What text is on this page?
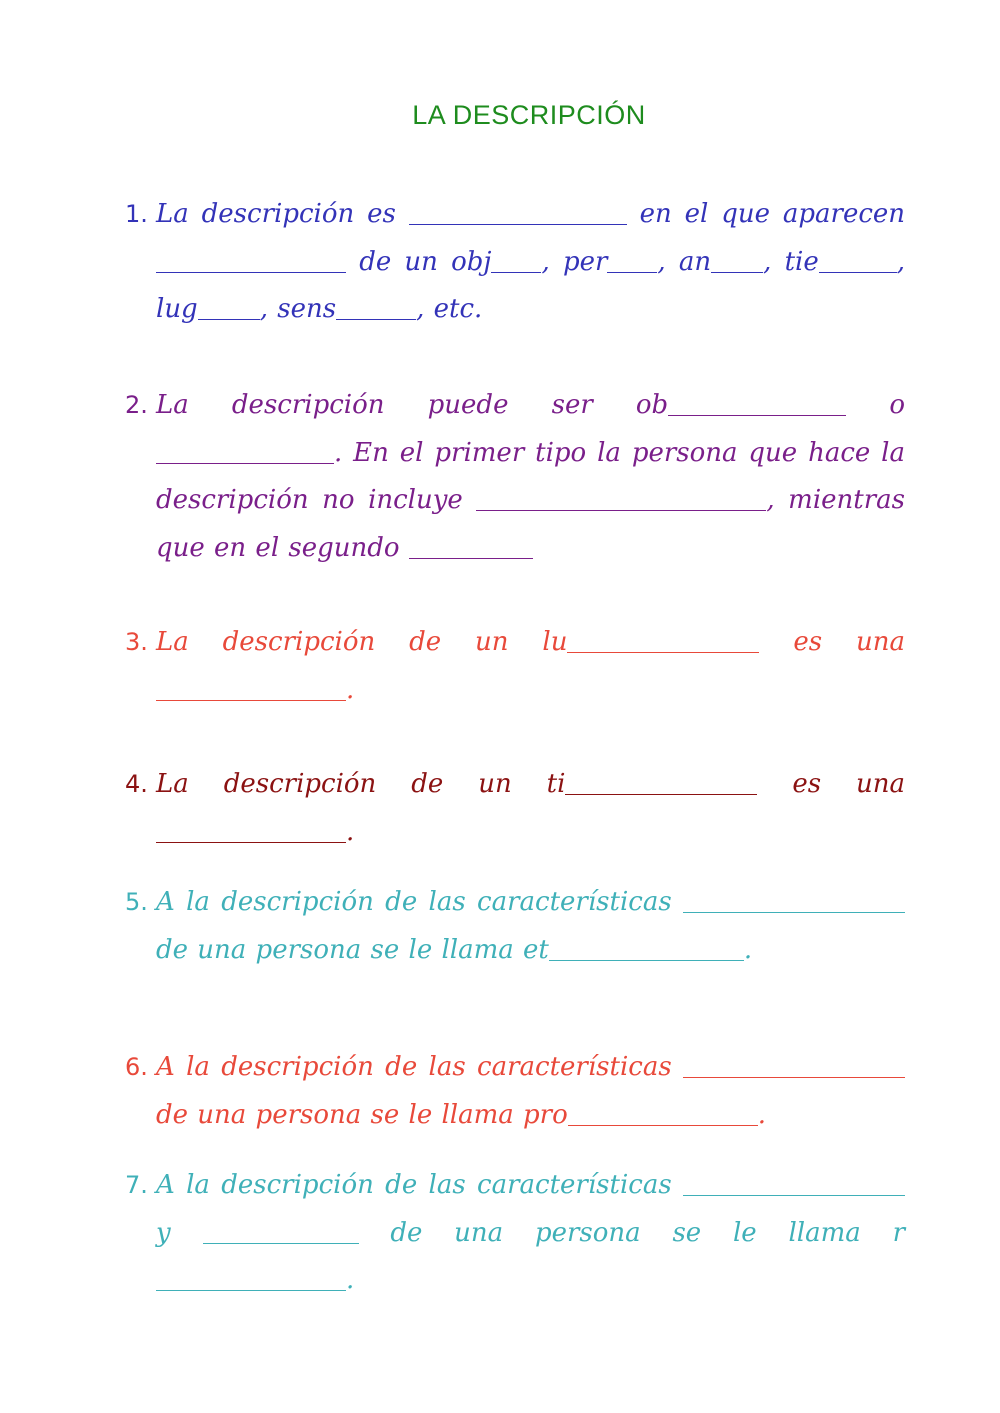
LA DESCRIPCIÓN
1. La descripción es	en el que aparecen  de un obj , per , an , tie	, lug , sens	, etc.
2. La descripción puede ser ob	o . En el primer tipo la persona que hace la descripción no incluye	, mientras que en el segundo
3. La descripción de un lu	es una .
4. La descripción de un ti	es una .
5. A la descripción de las características  de una persona se le llama et	.
6. A la descripción de las características  de una persona se le llama pro	.
7. A la descripción de las características  y	de una persona se le llama r.
